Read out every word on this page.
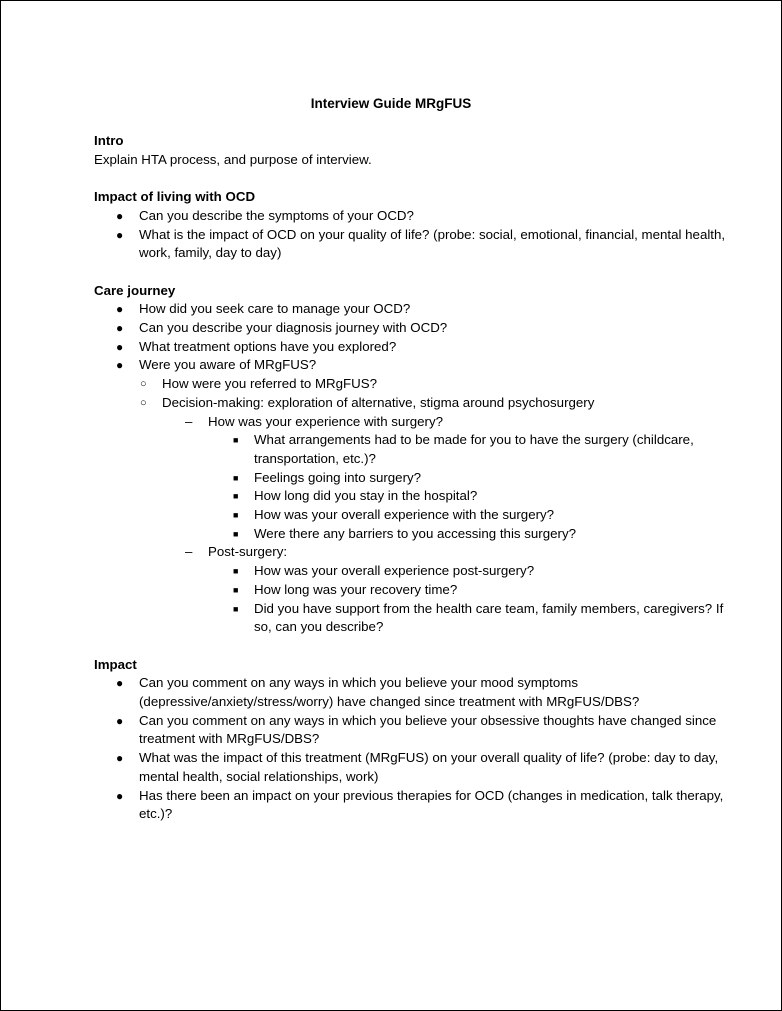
Interview Guide MRgFUS
Intro
Explain HTA process, and purpose of interview.
Impact of living with OCD
● Can you describe the symptoms of your OCD?
● What is the impact of OCD on your quality of life? (probe: social, emotional, financial, mental health, work, family, day to day)
Care journey
● How did you seek care to manage your OCD?
● Can you describe your diagnosis journey with OCD?
● What treatment options have you explored?
● Were you aware of MRgFUS?
○ How were you referred to MRgFUS?
○ Decision-making: exploration of alternative, stigma around psychosurgery
– How was your experience with surgery?
■ What arrangements had to be made for you to have the surgery (childcare, transportation, etc.)?
■ Feelings going into surgery?
■ How long did you stay in the hospital?
■ How was your overall experience with the surgery?
■ Were there any barriers to you accessing this surgery?
– Post-surgery:
■ How was your overall experience post-surgery?
■ How long was your recovery time?
■ Did you have support from the health care team, family members, caregivers? If so, can you describe?
Impact
● Can you comment on any ways in which you believe your mood symptoms (depressive/anxiety/stress/worry) have changed since treatment with MRgFUS/DBS?
● Can you comment on any ways in which you believe your obsessive thoughts have changed since treatment with MRgFUS/DBS?
● What was the impact of this treatment (MRgFUS) on your overall quality of life? (probe: day to day, mental health, social relationships, work)
● Has there been an impact on your previous therapies for OCD (changes in medication, talk therapy, etc.)?
